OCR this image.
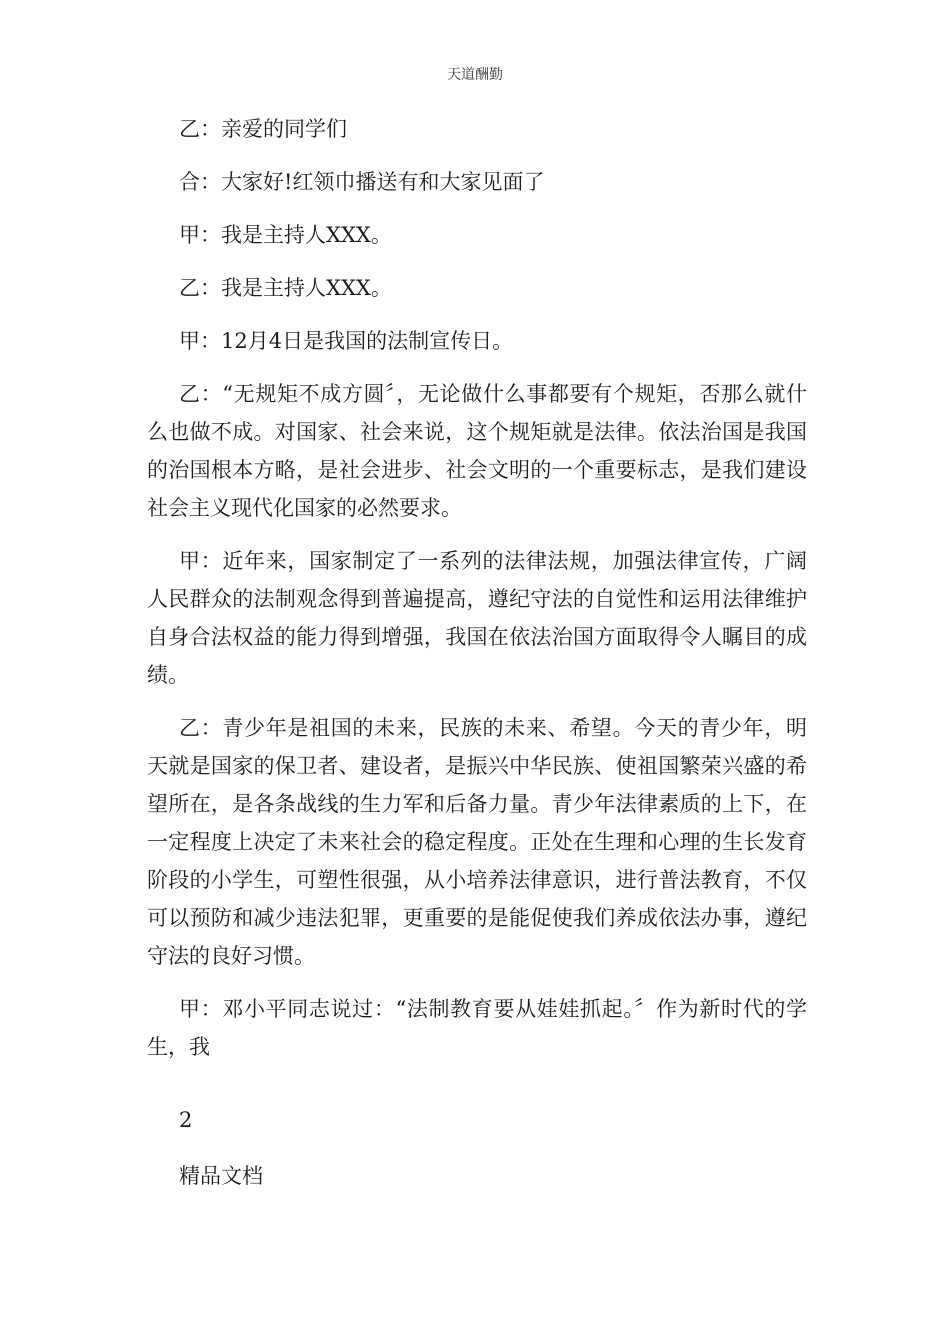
天道酬勤

乙：亲爱的同学们

合：大家好!红领巾播送有和大家见面了

甲：我是主持人XXX。

乙：我是主持人XXX。

甲：12月4日是我国的法制宣传日。

乙：“无规矩不成方圆〞，无论做什么事都要有个规矩，否那么就什么也做不成。对国家、社会来说，这个规矩就是法律。依法治国是我国的治国根本方略，是社会进步、社会文明的一个重要标志，是我们建设社会主义现代化国家的必然要求。

甲：近年来，国家制定了一系列的法律法规，加强法律宣传，广阔人民群众的法制观念得到普遍提高，遵纪守法的自觉性和运用法律维护自身合法权益的能力得到增强，我国在依法治国方面取得令人瞩目的成绩。

乙：青少年是祖国的未来，民族的未来、希望。今天的青少年，明天就是国家的保卫者、建设者，是振兴中华民族、使祖国繁荣兴盛的希望所在，是各条战线的生力军和后备力量。青少年法律素质的上下，在一定程度上决定了未来社会的稳定程度。正处在生理和心理的生长发育阶段的小学生，可塑性很强，从小培养法律意识，进行普法教育，不仅可以预防和减少违法犯罪，更重要的是能促使我们养成依法办事，遵纪守法的良好习惯。

甲：邓小平同志说过：“法制教育要从娃娃抓起。〞作为新时代的学生，我

2
精品文档
